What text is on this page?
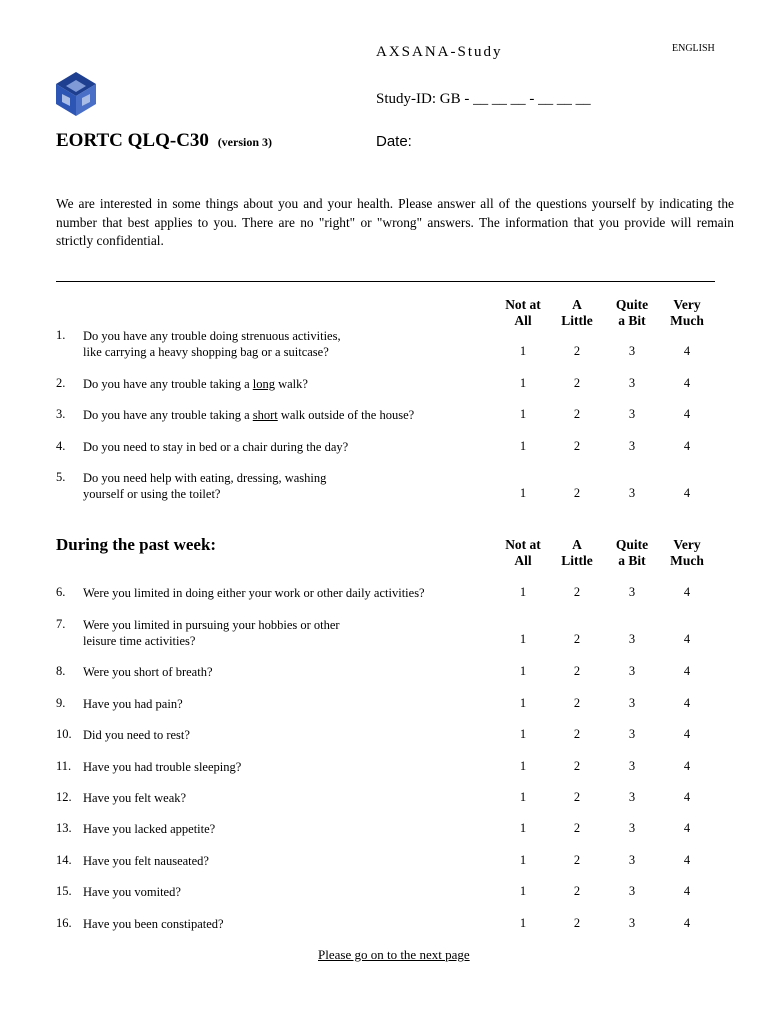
AXSANA-Study	ENGLISH
Study-ID: GB - __ __ __ - __ __ __
Date:
EORTC QLQ-C30 (version 3)
We are interested in some things about you and your health. Please answer all of the questions yourself by indicating the number that best applies to you. There are no "right" or "wrong" answers. The information that you provide will remain strictly confidential.
Not at
All
A
Little
Quite
a Bit
Very
Much
1.	Do you have any trouble doing strenuous activities,
like carrying a heavy shopping bag or a suitcase?	1	2	3	4
2.	Do you have any trouble taking a long walk?	1	2	3	4
3.	Do you have any trouble taking a short walk outside of the house?	1	2	3	4
4.	Do you need to stay in bed or a chair during the day?	1	2	3	4
5.	Do you need help with eating, dressing, washing
yourself or using the toilet?	1	2	3	4
During the past week:	Not at
All
A
Little
Quite
a Bit
Very
Much
6.	Were you limited in doing either your work or other daily activities?	1	2	3	4
7.	Were you limited in pursuing your hobbies or other
leisure time activities?	1	2	3	4
8.	Were you short of breath?	1	2	3	4
9.	Have you had pain?	1	2	3	4
10. Did you need to rest?	1	2	3	4
11. Have you had trouble sleeping?	1	2	3	4
12. Have you felt weak?	1	2	3	4
13. Have you lacked appetite?	1	2	3	4
14. Have you felt nauseated?	1	2	3	4
15. Have you vomited?	1	2	3	4
16. Have you been constipated?	1	2	3	4
Please go on to the next page
